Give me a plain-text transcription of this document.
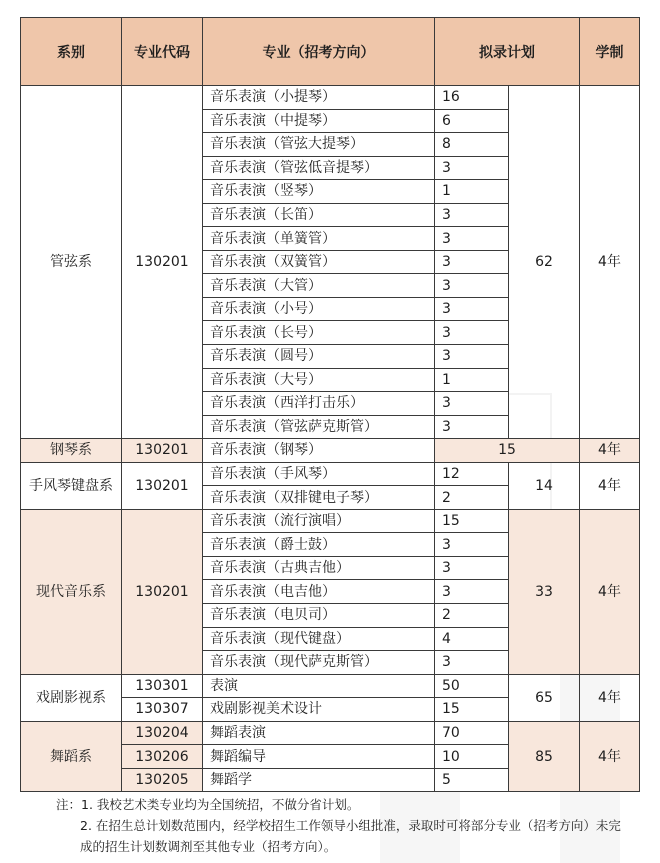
系别	专业代码	专业（招考方向）	拟录计划		学制
管弦系	130201	音乐表演（小提琴）	16	62	4年
		音乐表演（中提琴）	6		
		音乐表演（管弦大提琴）	8		
		音乐表演（管弦低音提琴）	3		
		音乐表演（竖琴）	1		
		音乐表演（长笛）	3		
		音乐表演（单簧管）	3		
		音乐表演（双簧管）	3		
		音乐表演（大管）	3		
		音乐表演（小号）	3		
		音乐表演（长号）	3		
		音乐表演（圆号）	3		
		音乐表演（大号）	1		
		音乐表演（西洋打击乐）	3		
		音乐表演（管弦萨克斯管）	3		
钢琴系	130201	音乐表演（钢琴）	15		4年
手风琴键盘系	130201	音乐表演（手风琴）	12	14	4年
		音乐表演（双排键电子琴）	2		
现代音乐系	130201	音乐表演（流行演唱）	15	33	4年
		音乐表演（爵士鼓）	3		
		音乐表演（古典吉他）	3		
		音乐表演（电吉他）	3		
		音乐表演（电贝司）	2		
		音乐表演（现代键盘）	4		
		音乐表演（现代萨克斯管）	3		
戏剧影视系	130301	表演	50	65	4年
	130307	戏剧影视美术设计	15		
舞蹈系	130204	舞蹈表演	70	85	4年
	130206	舞蹈编导	10		
	130205	舞蹈学	5		

注：1. 我校艺术类专业均为全国统招，不做分省计划。

2. 在招生总计划数范围内，经学校招生工作领导小组批准，录取时可将部分专业（招考方向）未完

成的招生计划数调剂至其他专业（招考方向）。
